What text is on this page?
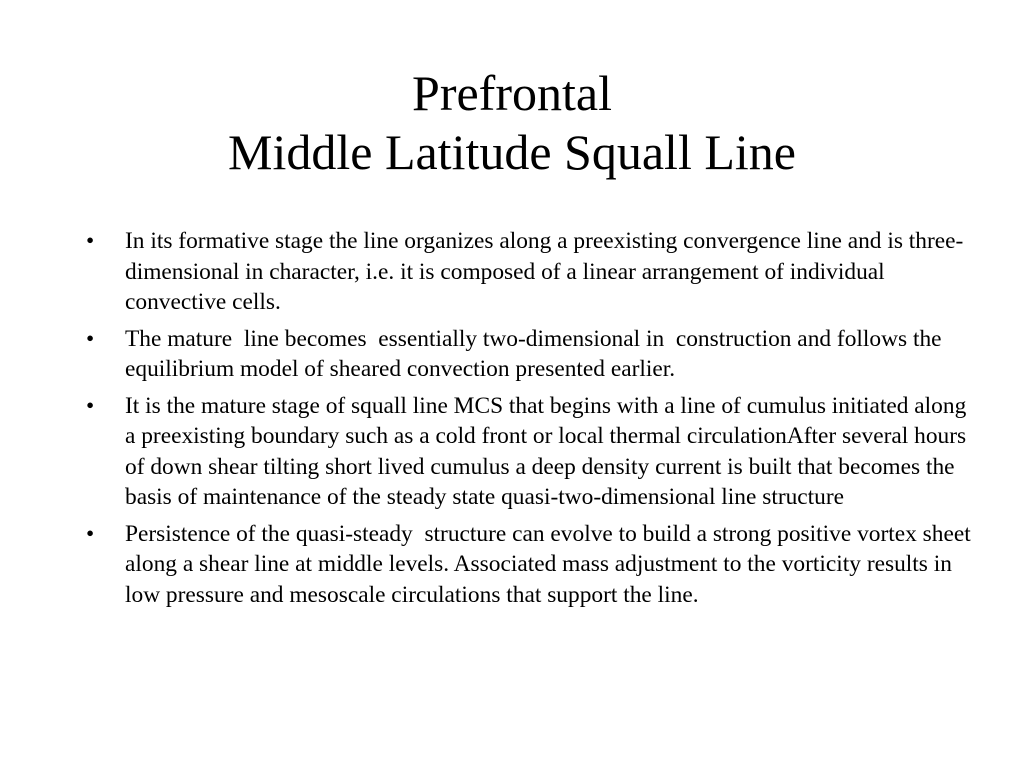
Prefrontal
Middle Latitude Squall Line
• In its formative stage the line organizes along a preexisting convergence line and is three-dimensional in character, i.e. it is composed of a linear arrangement of individual convective cells.
• The mature  line becomes  essentially two-dimensional in  construction and follows the equilibrium model of sheared convection presented earlier.
• It is the mature stage of squall line MCS that begins with a line of cumulus initiated along a preexisting boundary such as a cold front or local thermal circulationAfter several hours of down shear tilting short lived cumulus a deep density current is built that becomes the basis of maintenance of the steady state quasi-two-dimensional line structure
• Persistence of the quasi-steady  structure can evolve to build a strong positive vortex sheet along a shear line at middle levels. Associated mass adjustment to the vorticity results in low pressure and mesoscale circulations that support the line.
